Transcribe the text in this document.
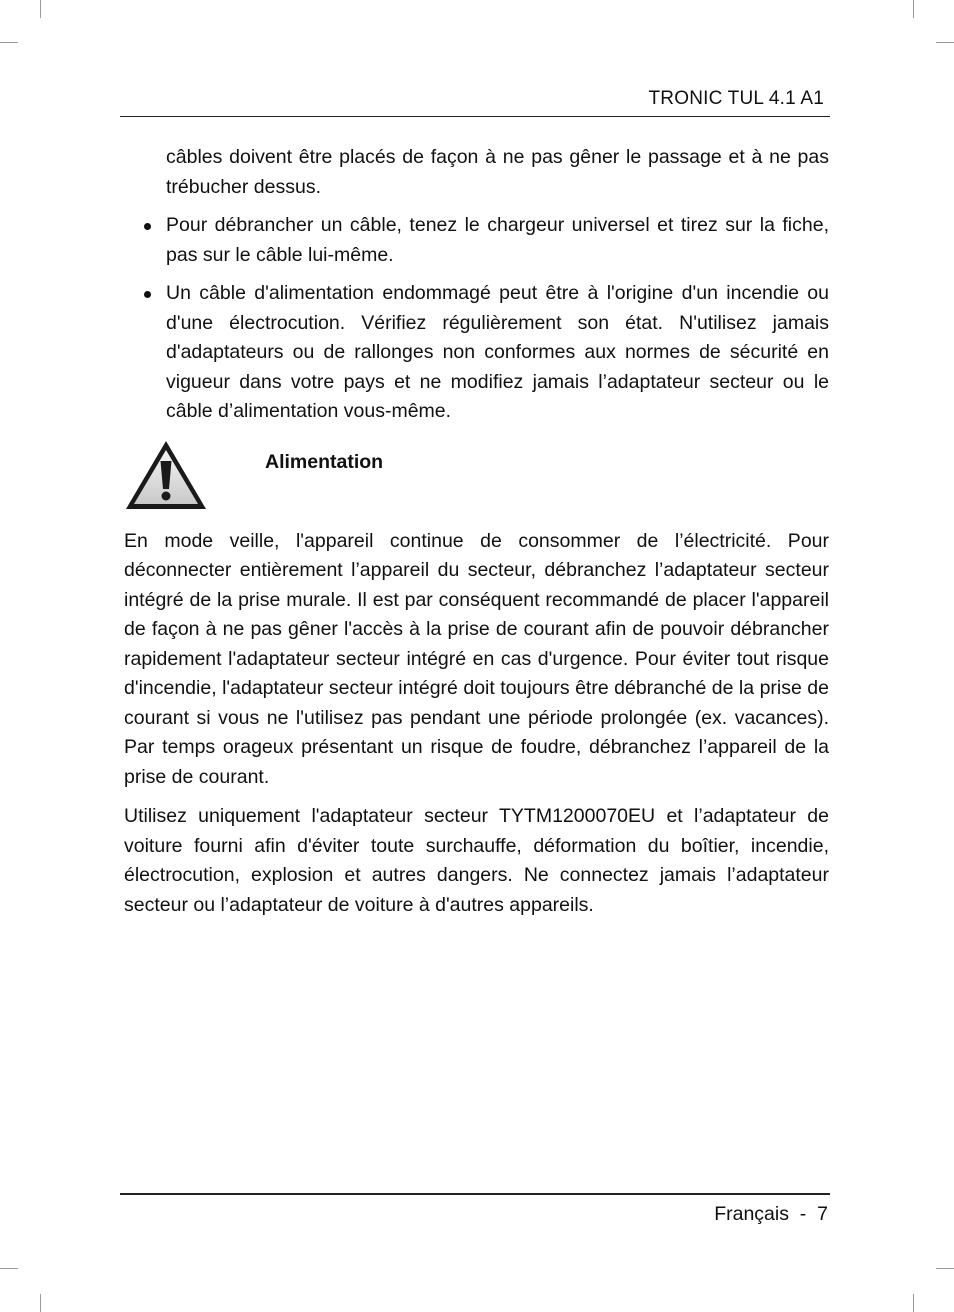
TRONIC TUL 4.1 A1

câbles doivent être placés de façon à ne pas gêner le passage et à ne pas trébucher dessus.

Pour débrancher un câble, tenez le chargeur universel et tirez sur la fiche, pas sur le câble lui-même.

Un câble d'alimentation endommagé peut être à l'origine d'un incendie ou d'une électrocution. Vérifiez régulièrement son état. N'utilisez jamais d'adaptateurs ou de rallonges non conformes aux normes de sécurité en vigueur dans votre pays et ne modifiez jamais l’adaptateur secteur ou le câble d’alimentation vous-même.

Alimentation

En mode veille, l'appareil continue de consommer de l’électricité. Pour déconnecter entièrement l’appareil du secteur, débranchez l’adaptateur secteur intégré de la prise murale. Il est par conséquent recommandé de placer l'appareil de façon à ne pas gêner l'accès à la prise de courant afin de pouvoir débrancher rapidement l'adaptateur secteur intégré en cas d'urgence. Pour éviter tout risque d'incendie, l'adaptateur secteur intégré doit toujours être débranché de la prise de courant si vous ne l'utilisez pas pendant une période prolongée (ex. vacances). Par temps orageux présentant un risque de foudre, débranchez l’appareil de la prise de courant.

Utilisez uniquement l'adaptateur secteur TYTM1200070EU et l’adaptateur de voiture fourni afin d'éviter toute surchauffe, déformation du boîtier, incendie, électrocution, explosion et autres dangers. Ne connectez jamais l’adaptateur secteur ou l’adaptateur de voiture à d'autres appareils.

Français  -  7
